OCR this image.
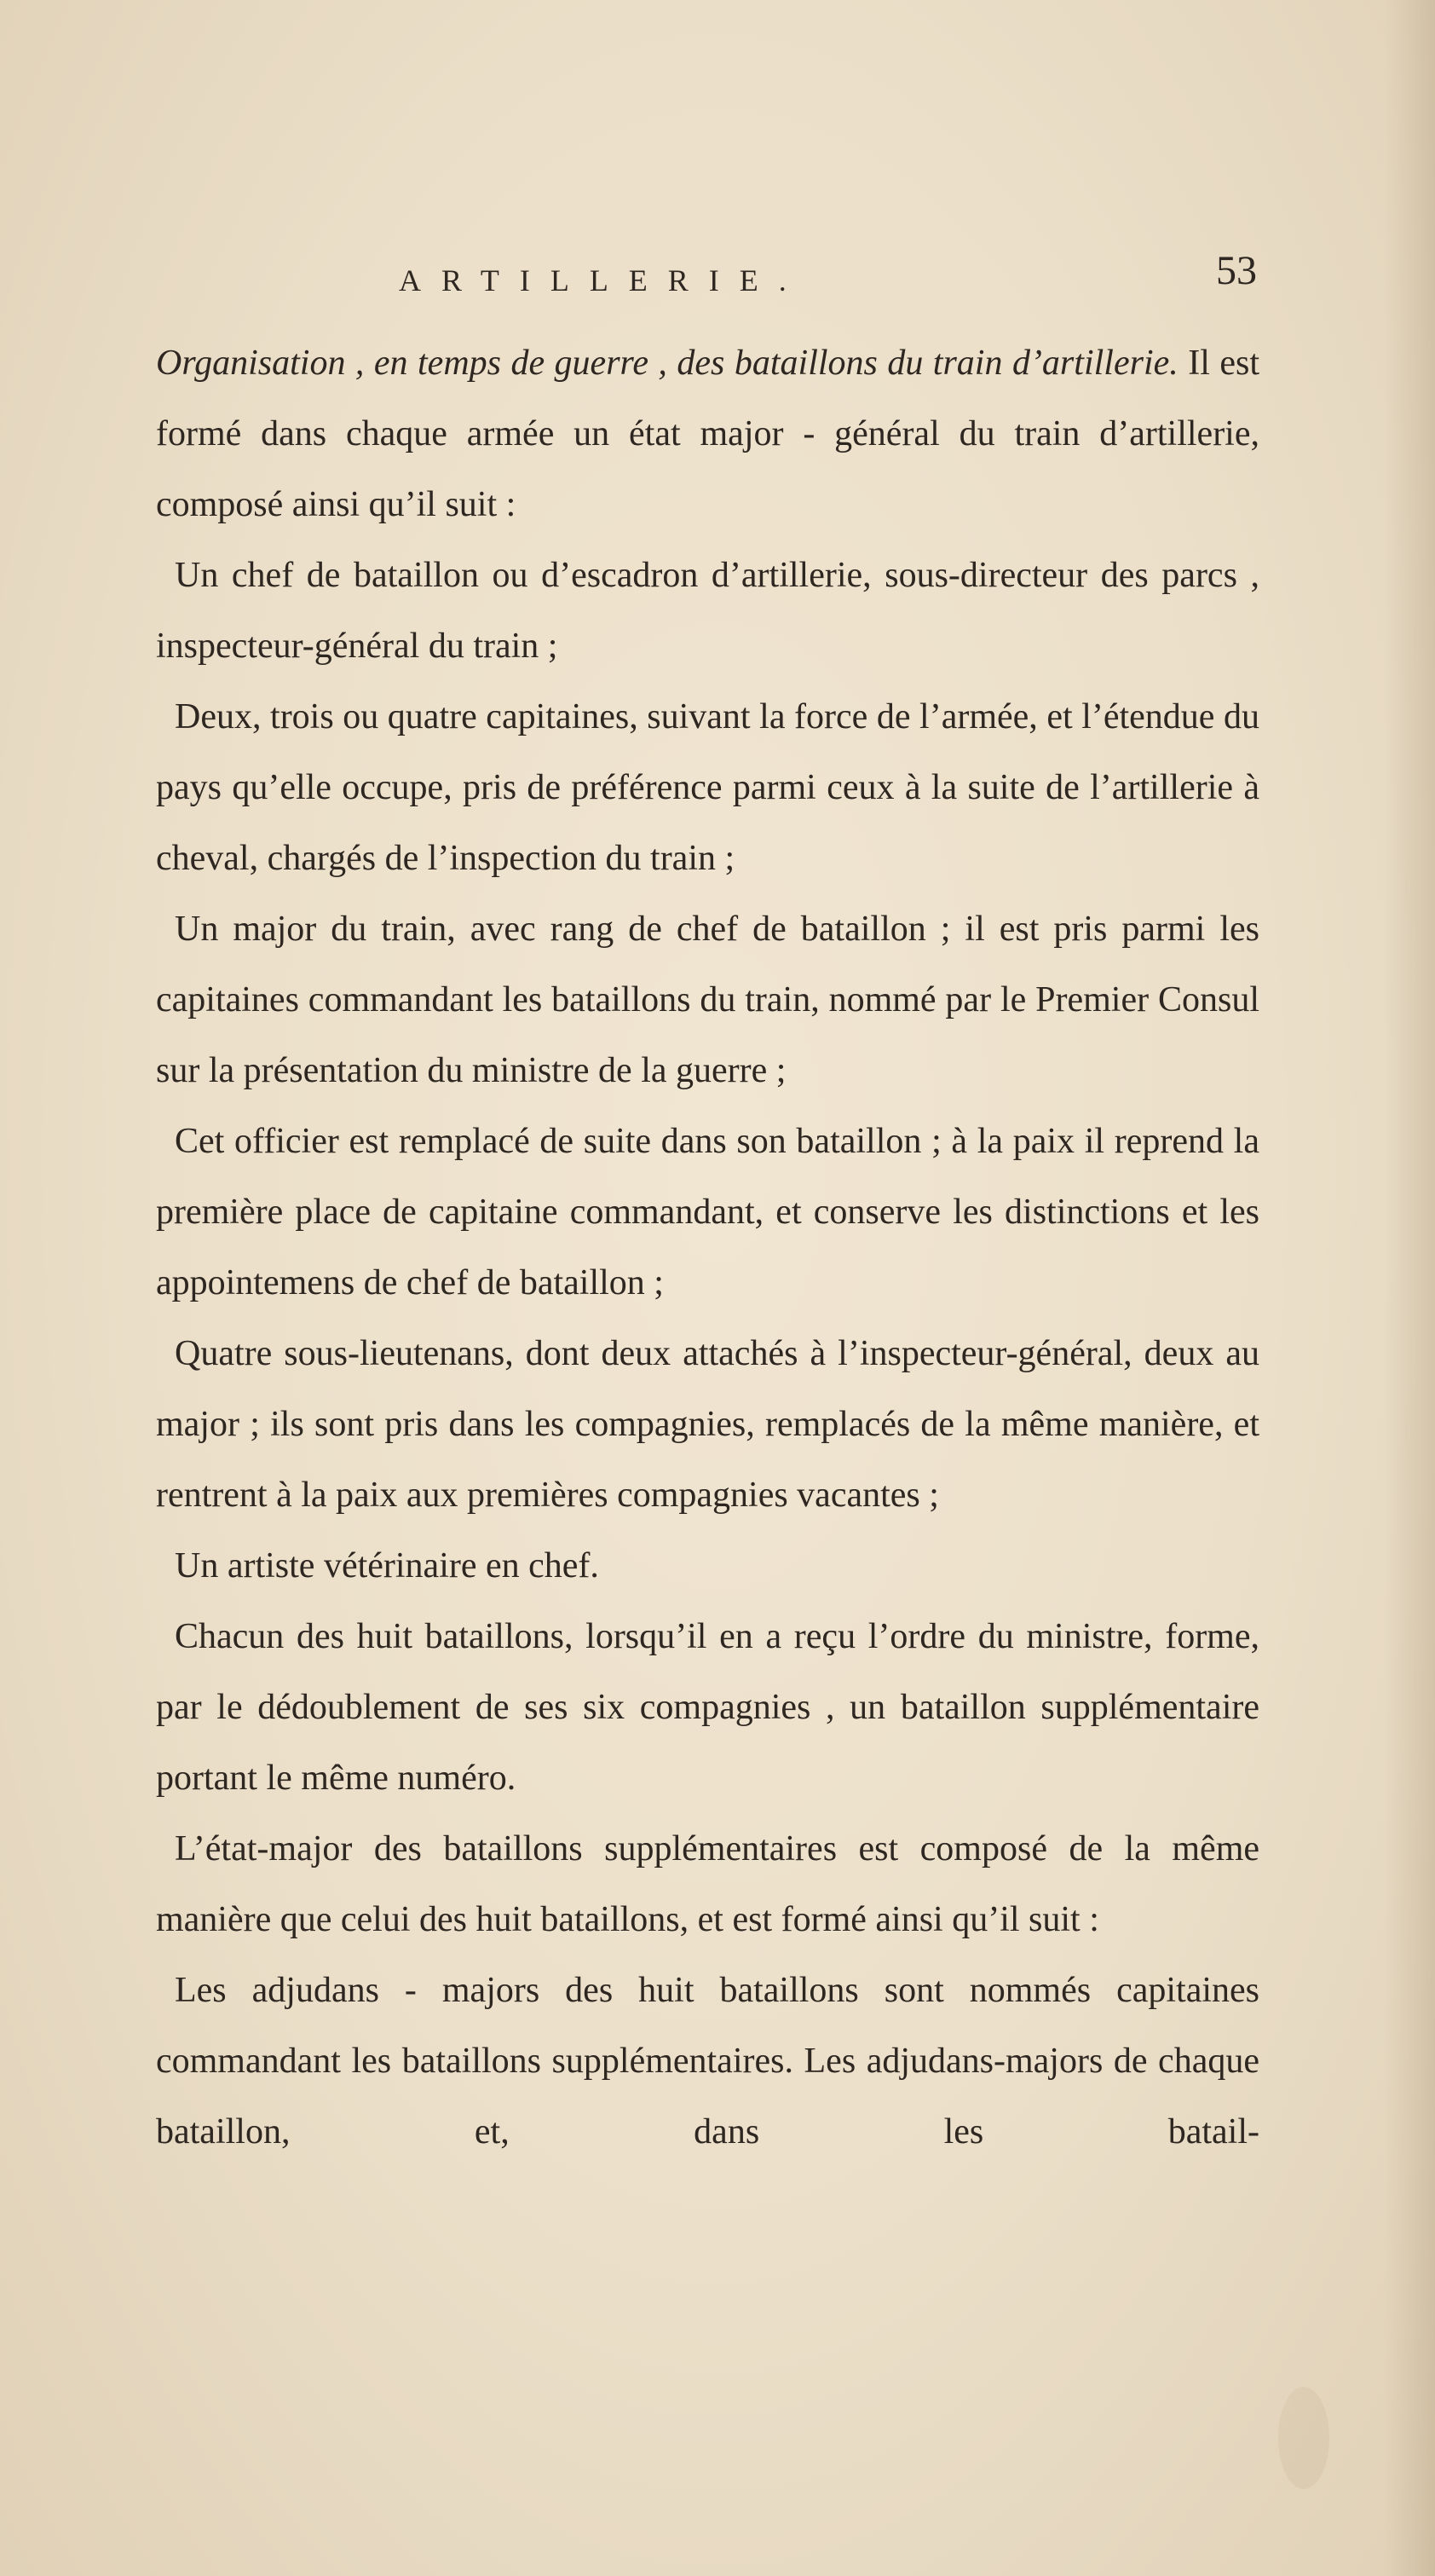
ARTILLERIE.	53

Organisation , en temps de guerre , des bataillons du train d’artillerie. Il est formé dans chaque armée un état major - général du train d’artillerie, composé ainsi qu’il suit :

Un chef de bataillon ou d’escadron d’artillerie, sous-directeur des parcs , inspecteur-général du train ;

Deux, trois ou quatre capitaines, suivant la force de l’armée, et l’étendue du pays qu’elle occupe, pris de préférence parmi ceux à la suite de l’artillerie à cheval, chargés de l’inspection du train ;

Un major du train, avec rang de chef de bataillon ; il est pris parmi les capitaines commandant les bataillons du train, nommé par le Premier Consul sur la présentation du ministre de la guerre ;

Cet officier est remplacé de suite dans son bataillon ; à la paix il reprend la première place de capitaine commandant, et conserve les distinctions et les appointemens de chef de bataillon ;

Quatre sous-lieutenans, dont deux attachés à l’inspecteur-général, deux au major ; ils sont pris dans les compagnies, remplacés de la même manière, et rentrent à la paix aux premières compagnies vacantes ;

Un artiste vétérinaire en chef.

Chacun des huit bataillons, lorsqu’il en a reçu l’ordre du ministre, forme, par le dédoublement de ses six compagnies , un bataillon supplémentaire portant le même numéro.

L’état-major des bataillons supplémentaires est composé de la même manière que celui des huit bataillons, et est formé ainsi qu’il suit :

Les adjudans - majors des huit bataillons sont nommés capitaines commandant les bataillons supplémentaires. Les adjudans-majors de chaque bataillon, et, dans les batail-
